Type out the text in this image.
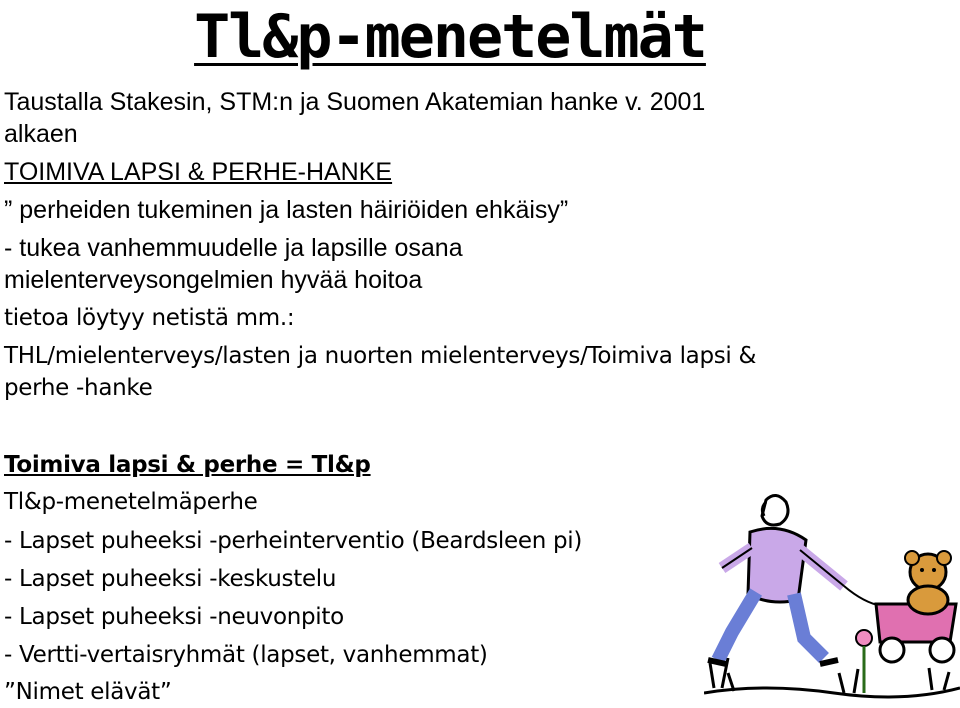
Tl&p-menetelmät
Taustalla Stakesin, STM:n ja Suomen Akatemian hanke v. 2001
alkaen
TOIMIVA LAPSI & PERHE-HANKE
” perheiden tukeminen ja lasten häiriöiden ehkäisy”
- tukea vanhemmuudelle ja lapsille osana
mielenterveysongelmien hyvää hoitoa
tietoa löytyy netistä mm.:
THL/mielenterveys/lasten ja nuorten mielenterveys/Toimiva lapsi &
perhe -hanke
Toimiva lapsi & perhe = Tl&p
Tl&p-menetelmäperhe
- Lapset puheeksi -perheinterventio (Beardsleen pi)
- Lapset puheeksi -keskustelu
- Lapset puheeksi -neuvonpito
- Vertti-vertaisryhmät (lapset, vanhemmat)
”Nimet elävät”
